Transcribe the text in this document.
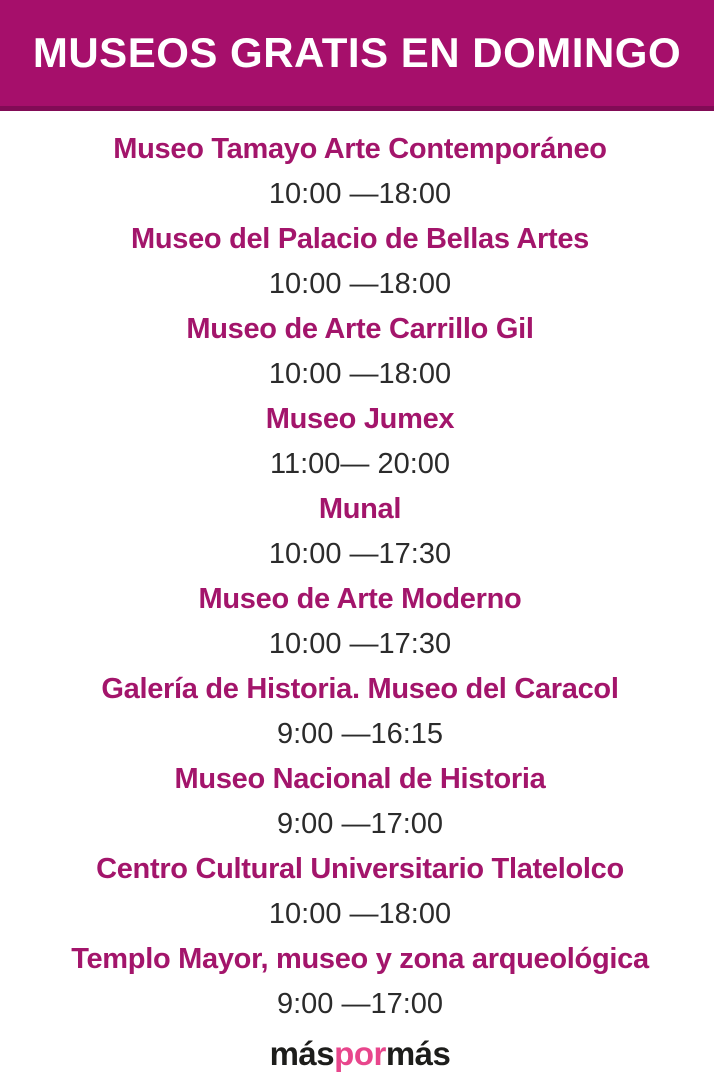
MUSEOS GRATIS EN DOMINGO
Museo Tamayo Arte Contemporáneo
10:00 —18:00
Museo del Palacio de Bellas Artes
10:00 —18:00
Museo de Arte Carrillo Gil
10:00 —18:00
Museo Jumex
11:00— 20:00
Munal
10:00 —17:30
Museo de Arte Moderno
10:00 —17:30
Galería de Historia. Museo del Caracol
9:00 —16:15
Museo Nacional de Historia
9:00 —17:00
Centro Cultural Universitario Tlatelolco
10:00 —18:00
Templo Mayor, museo y zona arqueológica
9:00 —17:00
más por más
